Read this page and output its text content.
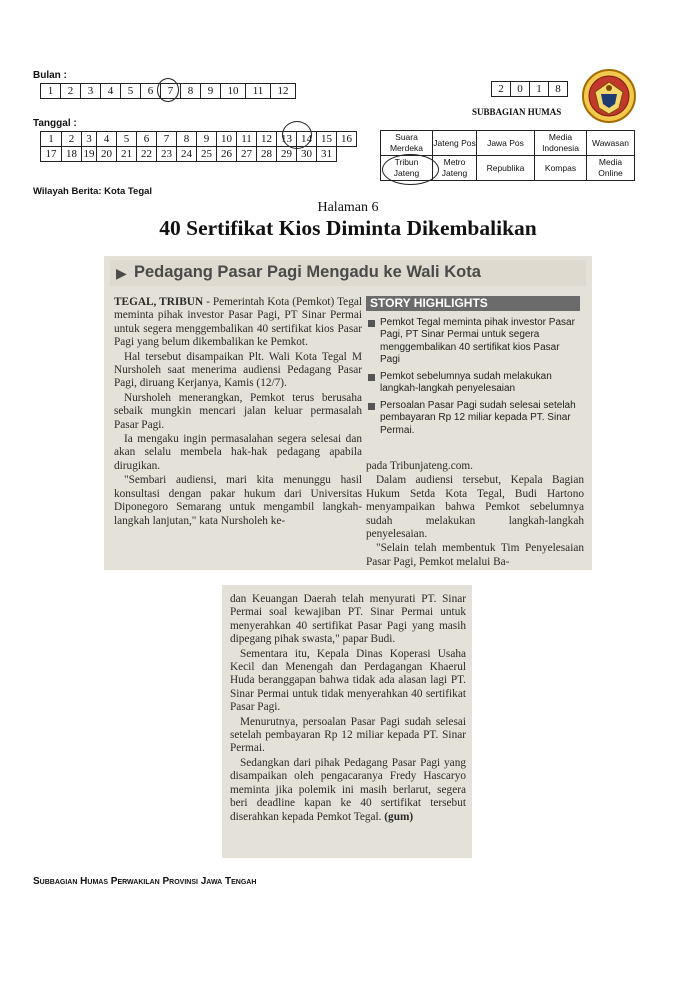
Bulan :
1	2	3	4	5	6	7	8	9	10	11	12
Tanggal :
1	2	3	4	5	6	7	8	9	10	11	12	13	14	15	16
17	18	19	20	21	22	23	24	25	26	27	28	29	30	31	
2	0	1	8
SUBBAGIAN HUMAS
Suara Merdeka	Jateng Pos	Jawa Pos	Media Indonesia	Wawasan
Tribun Jateng	Metro Jateng	Republika	Kompas	Media Online
Wilayah Berita: Kota Tegal
Halaman 6
40 Sertifikat Kios Diminta Dikembalikan
▶ Pedagang Pasar Pagi Mengadu ke Wali Kota

TEGAL, TRIBUN - Pemerintah Kota (Pemkot) Tegal meminta pihak investor Pasar Pagi, PT Sinar Permai untuk segera menggembalikan 40 sertifikat kios Pasar Pagi yang belum dikembalikan ke Pemkot.

Hal tersebut disampaikan Plt. Wali Kota Tegal M Nursholeh saat menerima audiensi Pedagang Pasar Pagi, diruang Kerjanya, Kamis (12/7).

Nursholeh menerangkan, Pemkot terus berusaha sebaik mungkin mencari jalan keluar permasalah Pasar Pagi.

Ia mengaku ingin permasalahan segera selesai dan akan selalu membela hak-hak pedagang apabila dirugikan.

"Sembari audiensi, mari kita menunggu hasil konsultasi dengan pakar hukum dari Universitas Diponegoro Semarang untuk mengambil langkah-langkah lanjutan," kata Nursholeh ke-

STORY HIGHLIGHTS
Pemkot Tegal meminta pihak investor Pasar Pagi, PT Sinar Permai untuk segera menggembalikan 40 sertifikat kios Pasar Pagi
Pemkot sebelumnya sudah melakukan langkah-langkah penyelesaian
Persoalan Pasar Pagi sudah selesai setelah pembayaran Rp 12 miliar kepada PT. Sinar Permai.

pada Tribunjateng.com.

Dalam audiensi tersebut, Kepala Bagian Hukum Setda Kota Tegal, Budi Hartono menyampaikan bahwa Pemkot sebelumnya sudah melakukan langkah-langkah penyelesaian.

"Selain telah membentuk Tim Penyelesaian Pasar Pagi, Pemkot melalui Ba-

dan Keuangan Daerah telah menyurati PT. Sinar Permai soal kewajiban PT. Sinar Permai untuk menyerahkan 40 sertifikat Pasar Pagi yang masih dipegang pihak swasta," papar Budi.

Sementara itu, Kepala Dinas Koperasi Usaha Kecil dan Menengah dan Perdagangan Khaerul Huda beranggapan bahwa tidak ada alasan lagi PT. Sinar Permai untuk tidak menyerahkan 40 sertifikat Pasar Pagi.

Menurutnya, persoalan Pasar Pagi sudah selesai setelah pembayaran Rp 12 miliar kepada PT. Sinar Permai.

Sedangkan dari pihak Pedagang Pasar Pagi yang disampaikan oleh pengacaranya Fredy Hascaryo meminta jika polemik ini masih berlarut, segera beri deadline kapan ke 40 sertifikat tersebut diserahkan kepada Pemkot Tegal. (gum)

Subbagian Humas Perwakilan Provinsi Jawa Tengah
